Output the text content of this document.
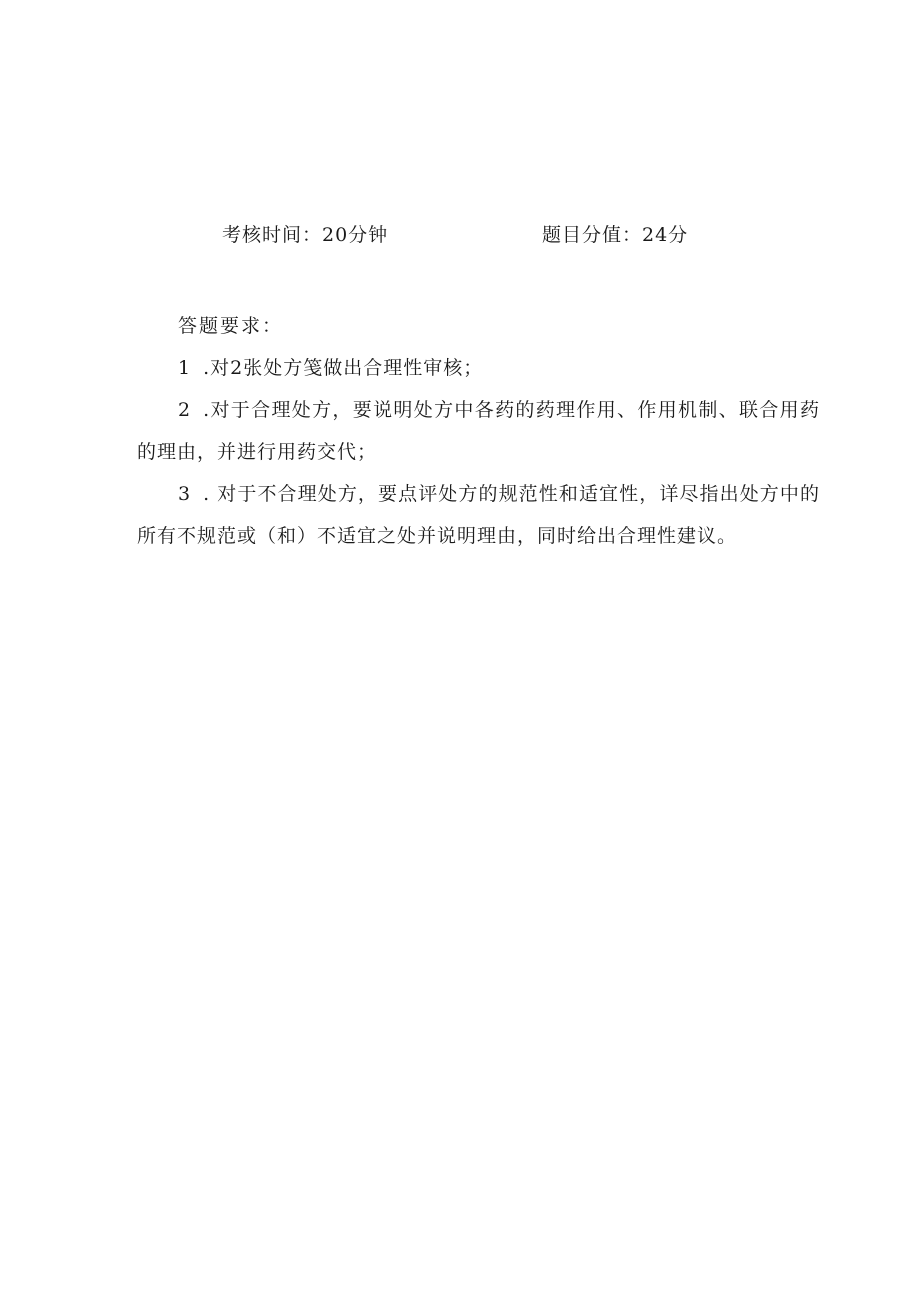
考核时间：20分钟	题目分值：24分
答题要求：
1 .对2张处方笺做出合理性审核；
2 .对于合理处方，要说明处方中各药的药理作用、作用机制、联合用药的理由，并进行用药交代；
3 . 对于不合理处方，要点评处方的规范性和适宜性，详尽指出处方中的所有不规范或（和）不适宜之处并说明理由，同时给出合理性建议。
